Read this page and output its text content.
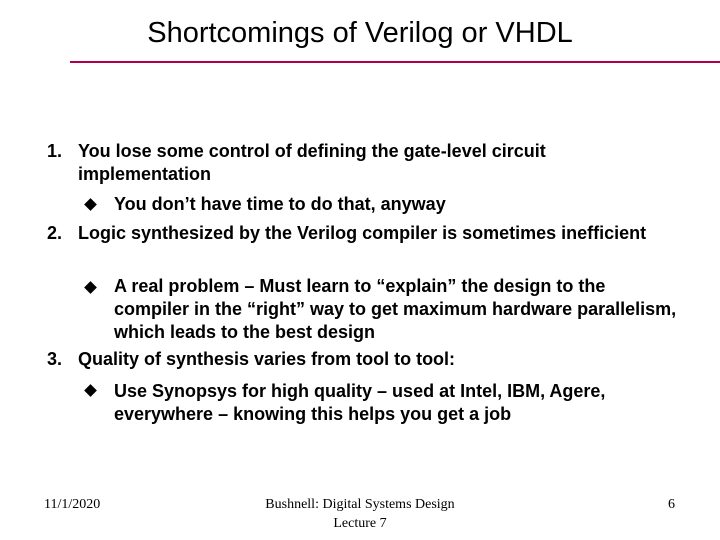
Shortcomings of Verilog or VHDL
1. You lose some control of defining the gate-level circuit implementation
You don’t have time to do that, anyway
2. Logic synthesized by the Verilog compiler is sometimes inefficient
A real problem – Must learn to “explain” the design to the compiler in the “right” way to get maximum hardware parallelism, which leads to the best design
3. Quality of synthesis varies from tool to tool:
Use Synopsys for high quality – used at Intel, IBM, Agere, everywhere – knowing this helps you get a job
11/1/2020	Bushnell: Digital Systems Design
Lecture 7
6
